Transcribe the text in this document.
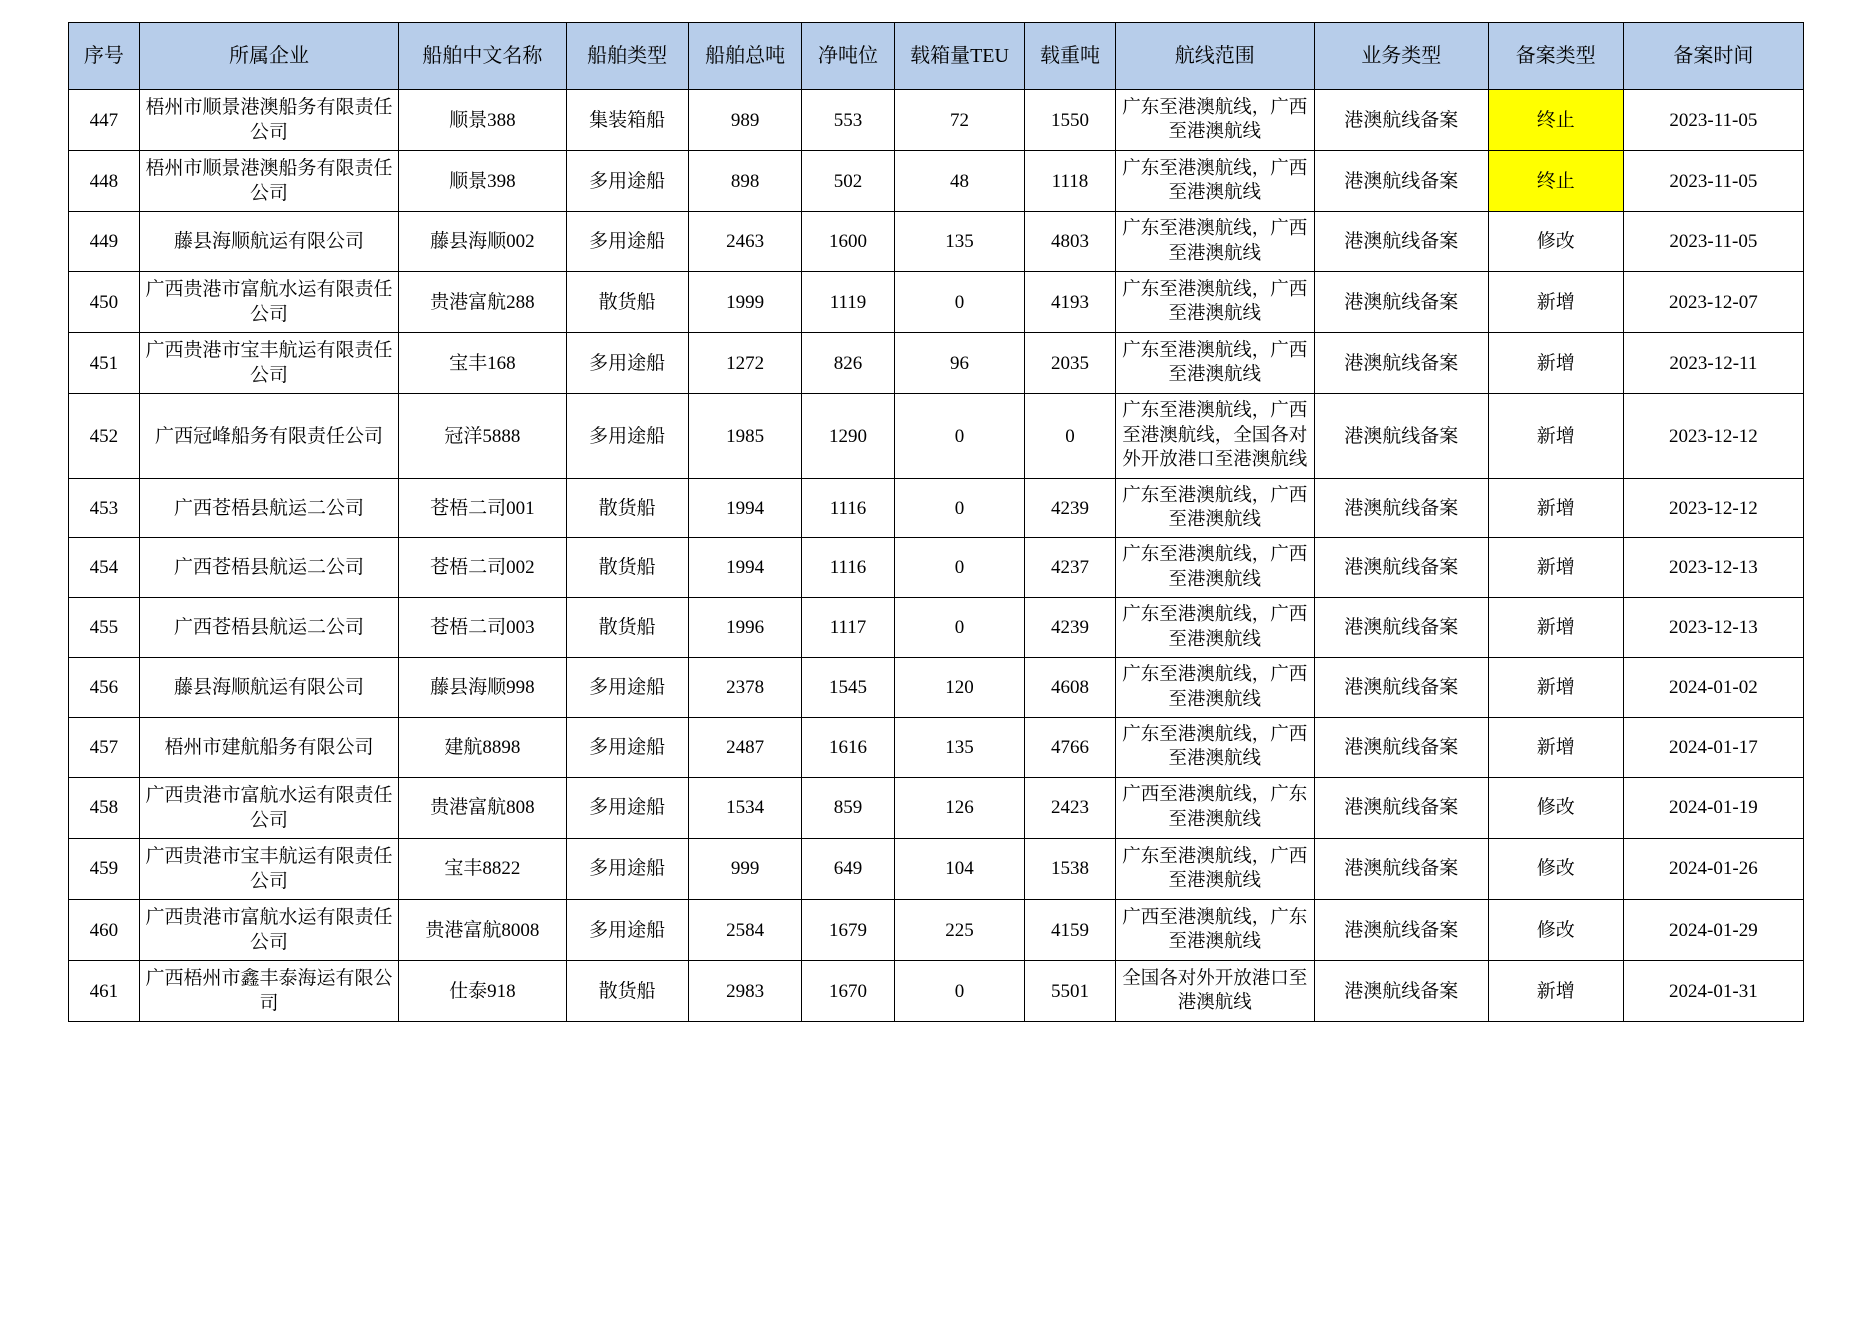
序号	所属企业	船舶中文名称	船舶类型	船舶总吨	净吨位	载箱量TEU	载重吨	航线范围	业务类型	备案类型	备案时间
447	梧州市顺景港澳船务有限责任公司	顺景388	集装箱船	989	553	72	1550	广东至港澳航线，广西至港澳航线	港澳航线备案	终止	2023-11-05
448	梧州市顺景港澳船务有限责任公司	顺景398	多用途船	898	502	48	1118	广东至港澳航线，广西至港澳航线	港澳航线备案	终止	2023-11-05
449	藤县海顺航运有限公司	藤县海顺002	多用途船	2463	1600	135	4803	广东至港澳航线，广西至港澳航线	港澳航线备案	修改	2023-11-05
450	广西贵港市富航水运有限责任公司	贵港富航288	散货船	1999	1119	0	4193	广东至港澳航线，广西至港澳航线	港澳航线备案	新增	2023-12-07
451	广西贵港市宝丰航运有限责任公司	宝丰168	多用途船	1272	826	96	2035	广东至港澳航线，广西至港澳航线	港澳航线备案	新增	2023-12-11
452	广西冠峰船务有限责任公司	冠洋5888	多用途船	1985	1290	0	0	广东至港澳航线，广西至港澳航线，全国各对外开放港口至港澳航线	港澳航线备案	新增	2023-12-12
453	广西苍梧县航运二公司	苍梧二司001	散货船	1994	1116	0	4239	广东至港澳航线，广西至港澳航线	港澳航线备案	新增	2023-12-12
454	广西苍梧县航运二公司	苍梧二司002	散货船	1994	1116	0	4237	广东至港澳航线，广西至港澳航线	港澳航线备案	新增	2023-12-13
455	广西苍梧县航运二公司	苍梧二司003	散货船	1996	1117	0	4239	广东至港澳航线，广西至港澳航线	港澳航线备案	新增	2023-12-13
456	藤县海顺航运有限公司	藤县海顺998	多用途船	2378	1545	120	4608	广东至港澳航线，广西至港澳航线	港澳航线备案	新增	2024-01-02
457	梧州市建航船务有限公司	建航8898	多用途船	2487	1616	135	4766	广东至港澳航线，广西至港澳航线	港澳航线备案	新增	2024-01-17
458	广西贵港市富航水运有限责任公司	贵港富航808	多用途船	1534	859	126	2423	广西至港澳航线，广东至港澳航线	港澳航线备案	修改	2024-01-19
459	广西贵港市宝丰航运有限责任公司	宝丰8822	多用途船	999	649	104	1538	广东至港澳航线，广西至港澳航线	港澳航线备案	修改	2024-01-26
460	广西贵港市富航水运有限责任公司	贵港富航8008	多用途船	2584	1679	225	4159	广西至港澳航线，广东至港澳航线	港澳航线备案	修改	2024-01-29
461	广西梧州市鑫丰泰海运有限公司	仕泰918	散货船	2983	1670	0	5501	全国各对外开放港口至港澳航线	港澳航线备案	新增	2024-01-31
